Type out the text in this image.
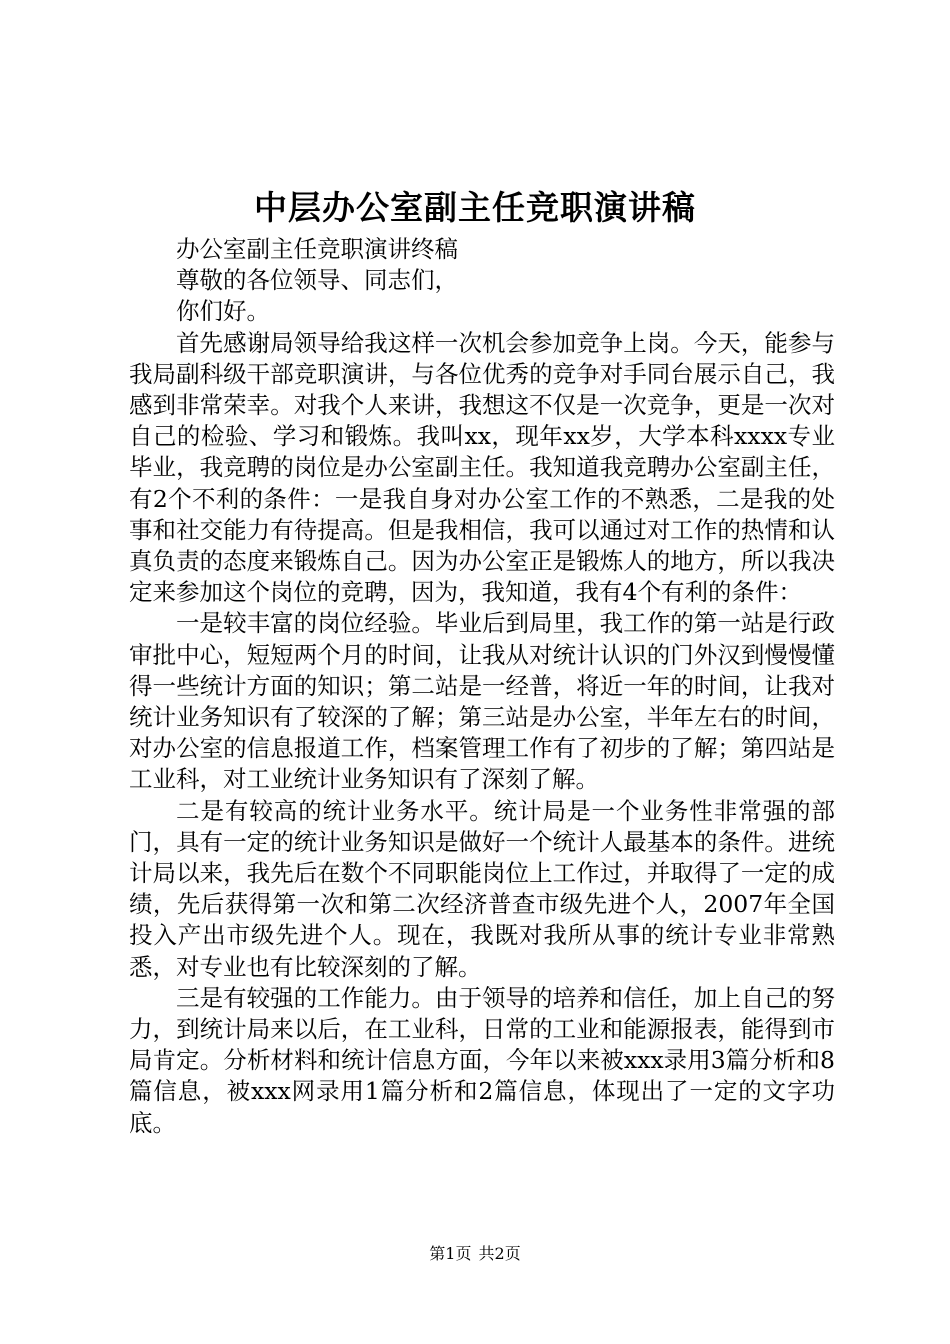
中层办公室副主任竞职演讲稿

办公室副主任竞职演讲终稿

尊敬的各位领导、同志们，

你们好。

首先感谢局领导给我这样一次机会参加竞争上岗。今天，能参与我局副科级干部竞职演讲，与各位优秀的竞争对手同台展示自己，我感到非常荣幸。对我个人来讲，我想这不仅是一次竞争，更是一次对自己的检验、学习和锻炼。我叫xx，现年xx岁，大学本科xxxx专业毕业，我竞聘的岗位是办公室副主任。我知道我竞聘办公室副主任，有2个不利的条件：一是我自身对办公室工作的不熟悉，二是我的处事和社交能力有待提高。但是我相信，我可以通过对工作的热情和认真负责的态度来锻炼自己。因为办公室正是锻炼人的地方，所以我决定来参加这个岗位的竞聘，因为，我知道，我有4个有利的条件：

一是较丰富的岗位经验。毕业后到局里，我工作的第一站是行政审批中心，短短两个月的时间，让我从对统计认识的门外汉到慢慢懂得一些统计方面的知识；第二站是一经普，将近一年的时间，让我对统计业务知识有了较深的了解；第三站是办公室，半年左右的时间，对办公室的信息报道工作，档案管理工作有了初步的了解；第四站是工业科，对工业统计业务知识有了深刻了解。

二是有较高的统计业务水平。统计局是一个业务性非常强的部门，具有一定的统计业务知识是做好一个统计人最基本的条件。进统计局以来，我先后在数个不同职能岗位上工作过，并取得了一定的成绩，先后获得第一次和第二次经济普查市级先进个人，2007年全国投入产出市级先进个人。现在，我既对我所从事的统计专业非常熟悉，对专业也有比较深刻的了解。

三是有较强的工作能力。由于领导的培养和信任，加上自己的努力，到统计局来以后，在工业科，日常的工业和能源报表，能得到市局肯定。分析材料和统计信息方面，今年以来被xxx录用3篇分析和8篇信息，被xxx网录用1篇分析和2篇信息，体现出了一定的文字功底。

第1页 共2页
